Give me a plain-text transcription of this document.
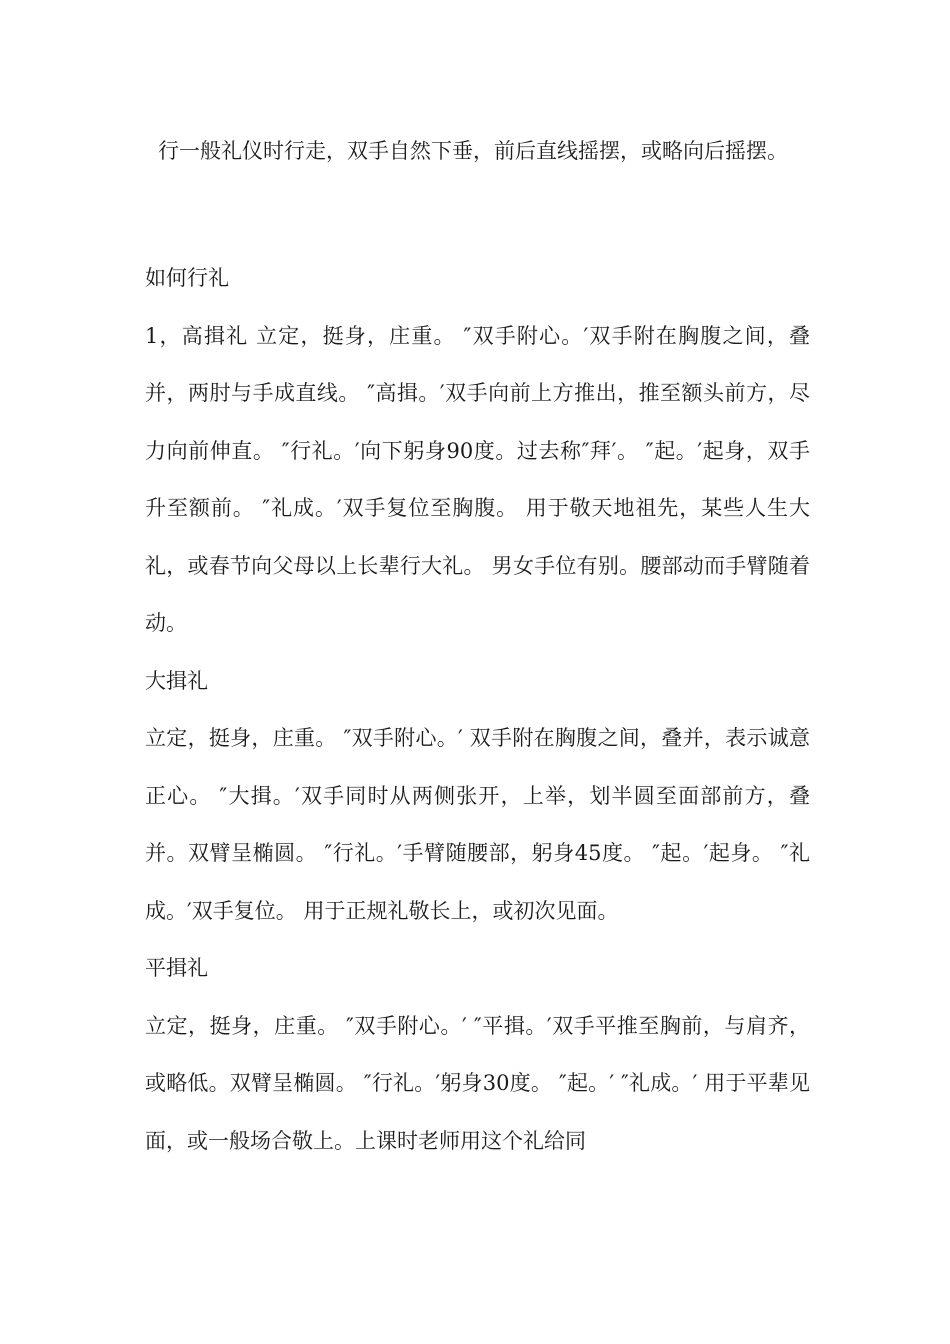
行一般礼仪时行走，双手自然下垂，前后直线摇摆，或略向后摇摆。

如何行礼

1，高揖礼 立定，挺身，庄重。 ″双手附心。′双手附在胸腹之间，叠并，两肘与手成直线。 ″高揖。′双手向前上方推出，推至额头前方，尽力向前伸直。 ″行礼。′向下躬身90度。过去称″拜′。 ″起。′起身，双手升至额前。 ″礼成。′双手复位至胸腹。 用于敬天地祖先，某些人生大礼，或春节向父母以上长辈行大礼。 男女手位有别。腰部动而手臂随着动。

大揖礼

立定，挺身，庄重。 ″双手附心。′ 双手附在胸腹之间，叠并，表示诚意正心。 ″大揖。′双手同时从两侧张开，上举，划半圆至面部前方，叠并。双臂呈椭圆。 ″行礼。′手臂随腰部，躬身45度。 ″起。′起身。 ″礼成。′双手复位。 用于正规礼敬长上，或初次见面。

平揖礼

立定，挺身，庄重。 ″双手附心。′ ″平揖。′双手平推至胸前，与肩齐，或略低。双臂呈椭圆。 ″行礼。′躬身30度。 ″起。′ ″礼成。′ 用于平辈见面，或一般场合敬上。上课时老师用这个礼给同
